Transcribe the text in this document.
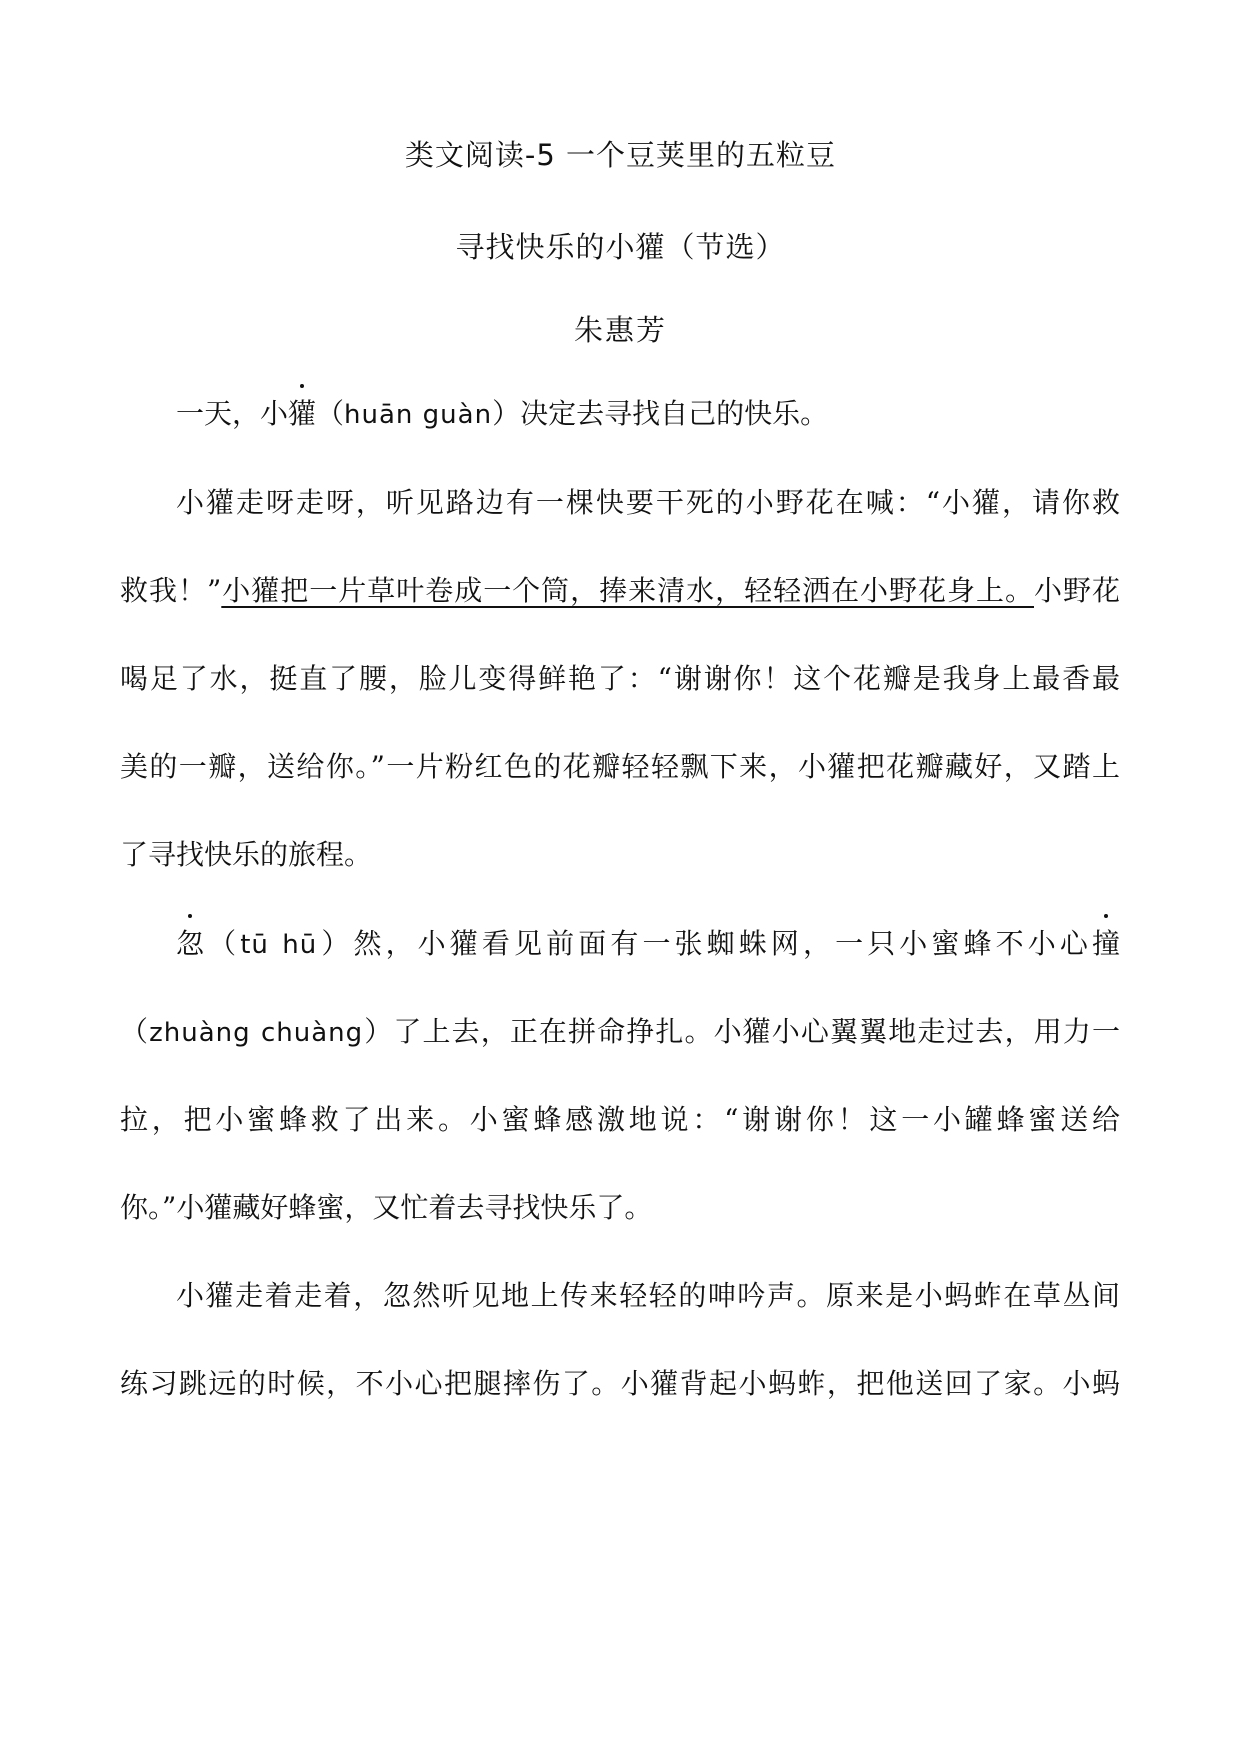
类文阅读-5 一个豆荚里的五粒豆
寻找快乐的小獾（节选）
朱惠芳
一天，小獾（huān guàn）决定去寻找自己的快乐。
小獾走呀走呀，听见路边有一棵快要干死的小野花在喊：“小獾，请你救
救我！”小獾把一片草叶卷成一个筒，捧来清水，轻轻洒在小野花身上。小野花
喝足了水，挺直了腰，脸儿变得鲜艳了：“谢谢你！这个花瓣是我身上最香最
美的一瓣，送给你。”一片粉红色的花瓣轻轻飘下来，小獾把花瓣藏好，又踏上
了寻找快乐的旅程。
忽（tū hū）然，小獾看见前面有一张蜘蛛网，一只小蜜蜂不小心撞
（zhuàng chuàng）了上去，正在拼命挣扎。小獾小心翼翼地走过去，用力一
拉，把小蜜蜂救了出来。小蜜蜂感激地说：“谢谢你！这一小罐蜂蜜送给
你。”小獾藏好蜂蜜，又忙着去寻找快乐了。
小獾走着走着，忽然听见地上传来轻轻的呻吟声。原来是小蚂蚱在草丛间
练习跳远的时候，不小心把腿摔伤了。小獾背起小蚂蚱，把他送回了家。小蚂
